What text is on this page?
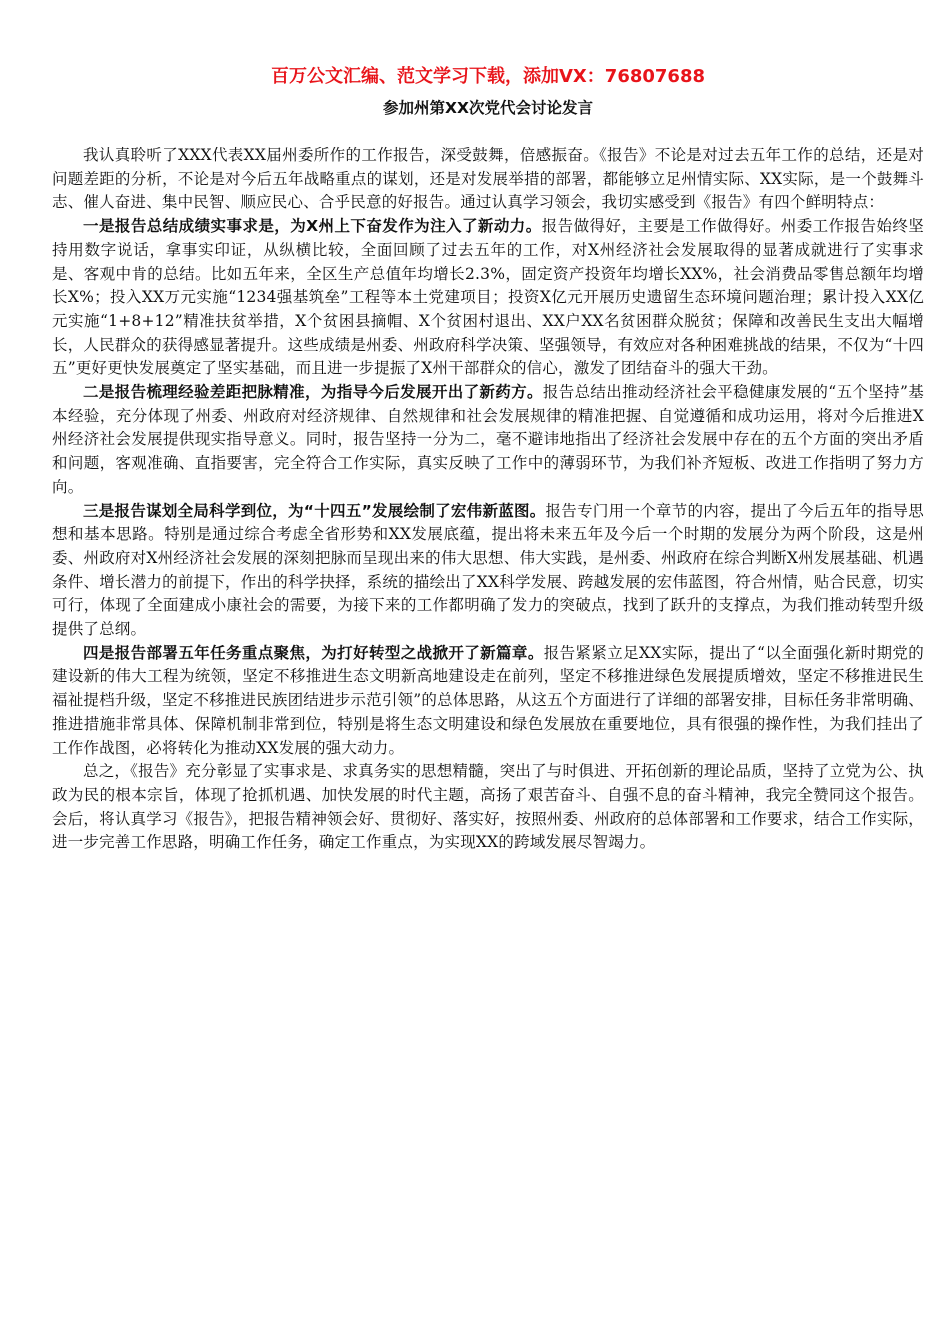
百万公文汇编、范文学习下载，添加VX：76807688
参加州第XX次党代会讨论发言

我认真聆听了XXX代表XX届州委所作的工作报告，深受鼓舞，倍感振奋。《报告》不论是对过去五年工作的总结，还是对问题差距的分析，不论是对今后五年战略重点的谋划，还是对发展举措的部署，都能够立足州情实际、XX实际，是一个鼓舞斗志、催人奋进、集中民智、顺应民心、合乎民意的好报告。通过认真学习领会，我切实感受到《报告》有四个鲜明特点：

一是报告总结成绩实事求是，为X州上下奋发作为注入了新动力。报告做得好，主要是工作做得好。州委工作报告始终坚持用数字说话，拿事实印证，从纵横比较，全面回顾了过去五年的工作，对X州经济社会发展取得的显著成就进行了实事求是、客观中肯的总结。比如五年来，全区生产总值年均增长2.3%，固定资产投资年均增长XX%，社会消费品零售总额年均增长X%；投入XX万元实施“1234强基筑垒”工程等本土党建项目；投资X亿元开展历史遗留生态环境问题治理；累计投入XX亿元实施“1+8+12”精准扶贫举措，X个贫困县摘帽、X个贫困村退出、XX户XX名贫困群众脱贫；保障和改善民生支出大幅增长，人民群众的获得感显著提升。这些成绩是州委、州政府科学决策、坚强领导，有效应对各种困难挑战的结果，不仅为“十四五”更好更快发展奠定了坚实基础，而且进一步提振了X州干部群众的信心，激发了团结奋斗的强大干劲。

二是报告梳理经验差距把脉精准，为指导今后发展开出了新药方。报告总结出推动经济社会平稳健康发展的“五个坚持”基本经验，充分体现了州委、州政府对经济规律、自然规律和社会发展规律的精准把握、自觉遵循和成功运用，将对今后推进X州经济社会发展提供现实指导意义。同时，报告坚持一分为二，毫不避讳地指出了经济社会发展中存在的五个方面的突出矛盾和问题，客观准确、直指要害，完全符合工作实际，真实反映了工作中的薄弱环节，为我们补齐短板、改进工作指明了努力方向。

三是报告谋划全局科学到位，为“十四五”发展绘制了宏伟新蓝图。报告专门用一个章节的内容，提出了今后五年的指导思想和基本思路。特别是通过综合考虑全省形势和XX发展底蕴，提出将未来五年及今后一个时期的发展分为两个阶段，这是州委、州政府对X州经济社会发展的深刻把脉而呈现出来的伟大思想、伟大实践，是州委、州政府在综合判断X州发展基础、机遇条件、增长潜力的前提下，作出的科学抉择，系统的描绘出了XX科学发展、跨越发展的宏伟蓝图，符合州情，贴合民意，切实可行，体现了全面建成小康社会的需要，为接下来的工作都明确了发力的突破点，找到了跃升的支撑点，为我们推动转型升级提供了总纲。

四是报告部署五年任务重点聚焦，为打好转型之战掀开了新篇章。报告紧紧立足XX实际，提出了“以全面强化新时期党的建设新的伟大工程为统领，坚定不移推进生态文明新高地建设走在前列，坚定不移推进绿色发展提质增效，坚定不移推进民生福祉提档升级，坚定不移推进民族团结进步示范引领”的总体思路，从这五个方面进行了详细的部署安排，目标任务非常明确、推进措施非常具体、保障机制非常到位，特别是将生态文明建设和绿色发展放在重要地位，具有很强的操作性，为我们挂出了工作作战图，必将转化为推动XX发展的强大动力。

总之，《报告》充分彰显了实事求是、求真务实的思想精髓，突出了与时俱进、开拓创新的理论品质，坚持了立党为公、执政为民的根本宗旨，体现了抢抓机遇、加快发展的时代主题，高扬了艰苦奋斗、自强不息的奋斗精神，我完全赞同这个报告。会后，将认真学习《报告》，把报告精神领会好、贯彻好、落实好，按照州委、州政府的总体部署和工作要求，结合工作实际，进一步完善工作思路，明确工作任务，确定工作重点，为实现XX的跨域发展尽智竭力。
